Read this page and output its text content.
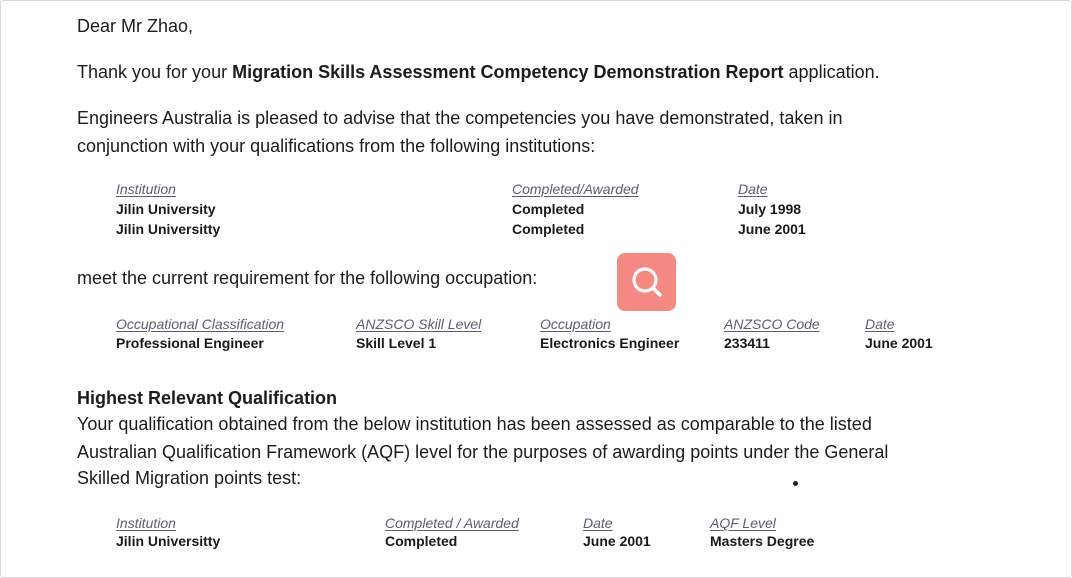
Dear Mr Zhao,

Thank you for your Migration Skills Assessment Competency Demonstration Report application.

Engineers Australia is pleased to advise that the competencies you have demonstrated, taken in

conjunction with your qualifications from the following institutions:

Institution	Completed/Awarded	Date
Jilin University	Completed	July 1998
Jilin Universitty	Completed	June 2001

meet the current requirement for the following occupation:

Occupational Classification	ANZSCO Skill Level	Occupation	ANZSCO Code	Date
Professional Engineer	Skill Level 1	Electronics Engineer	233411	June 2001

Highest Relevant Qualification

Your qualification obtained from the below institution has been assessed as comparable to the listed

Australian Qualification Framework (AQF) level for the purposes of awarding points under the General

Skilled Migration points test:

Institution	Completed / Awarded	Date	AQF Level
Jilin Universitty	Completed	June 2001	Masters Degree
